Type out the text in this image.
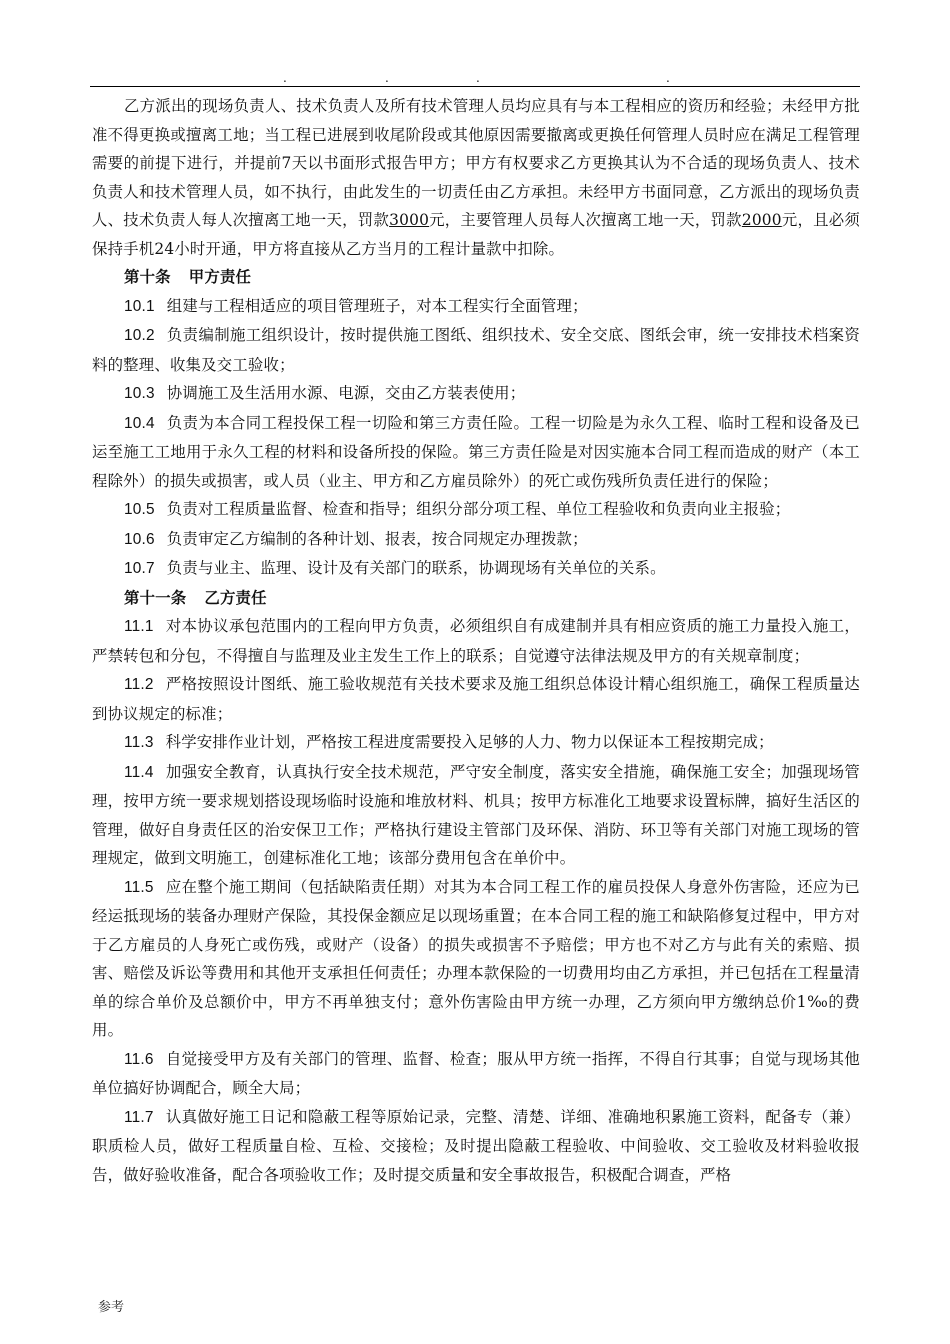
.	.	.	.

乙方派出的现场负责人、技术负责人及所有技术管理人员均应具有与本工程相应的资历和经验；未经甲方批准不得更换或擅离工地；当工程已进展到收尾阶段或其他原因需要撤离或更换任何管理人员时应在满足工程管理需要的前提下进行，并提前7天以书面形式报告甲方；甲方有权要求乙方更换其认为不合适的现场负责人、技术负责人和技术管理人员，如不执行，由此发生的一切责任由乙方承担。未经甲方书面同意，乙方派出的现场负责人、技术负责人每人次擅离工地一天，罚款3000元，主要管理人员每人次擅离工地一天，罚款2000元，且必须保持手机24小时开通，甲方将直接从乙方当月的工程计量款中扣除。

第十条 甲方责任

10.1 组建与工程相适应的项目管理班子，对本工程实行全面管理；

10.2 负责编制施工组织设计，按时提供施工图纸、组织技术、安全交底、图纸会审，统一安排技术档案资料的整理、收集及交工验收；

10.3 协调施工及生活用水源、电源，交由乙方装表使用；

10.4 负责为本合同工程投保工程一切险和第三方责任险。工程一切险是为永久工程、临时工程和设备及已运至施工工地用于永久工程的材料和设备所投的保险。第三方责任险是对因实施本合同工程而造成的财产（本工程除外）的损失或损害，或人员（业主、甲方和乙方雇员除外）的死亡或伤残所负责任进行的保险；

10.5 负责对工程质量监督、检查和指导；组织分部分项工程、单位工程验收和负责向业主报验；

10.6 负责审定乙方编制的各种计划、报表，按合同规定办理拨款；

10.7 负责与业主、监理、设计及有关部门的联系，协调现场有关单位的关系。

第十一条 乙方责任

11.1 对本协议承包范围内的工程向甲方负责，必须组织自有成建制并具有相应资质的施工力量投入施工，严禁转包和分包，不得擅自与监理及业主发生工作上的联系；自觉遵守法律法规及甲方的有关规章制度；

11.2 严格按照设计图纸、施工验收规范有关技术要求及施工组织总体设计精心组织施工，确保工程质量达到协议规定的标准；

11.3 科学安排作业计划，严格按工程进度需要投入足够的人力、物力以保证本工程按期完成；

11.4 加强安全教育，认真执行安全技术规范，严守安全制度，落实安全措施，确保施工安全；加强现场管理，按甲方统一要求规划搭设现场临时设施和堆放材料、机具；按甲方标准化工地要求设置标牌，搞好生活区的管理，做好自身责任区的治安保卫工作；严格执行建设主管部门及环保、消防、环卫等有关部门对施工现场的管理规定，做到文明施工，创建标准化工地；该部分费用包含在单价中。

11.5 应在整个施工期间（包括缺陷责任期）对其为本合同工程工作的雇员投保人身意外伤害险，还应为已经运抵现场的装备办理财产保险，其投保金额应足以现场重置；在本合同工程的施工和缺陷修复过程中，甲方对于乙方雇员的人身死亡或伤残，或财产（设备）的损失或损害不予赔偿；甲方也不对乙方与此有关的索赔、损害、赔偿及诉讼等费用和其他开支承担任何责任；办理本款保险的一切费用均由乙方承担，并已包括在工程量清单的综合单价及总额价中，甲方不再单独支付；意外伤害险由甲方统一办理，乙方须向甲方缴纳总价1‰的费用。

11.6 自觉接受甲方及有关部门的管理、监督、检查；服从甲方统一指挥，不得自行其事；自觉与现场其他单位搞好协调配合，顾全大局；

11.7 认真做好施工日记和隐蔽工程等原始记录，完整、清楚、详细、准确地积累施工资料，配备专（兼）职质检人员，做好工程质量自检、互检、交接检；及时提出隐蔽工程验收、中间验收、交工验收及材料验收报告，做好验收准备，配合各项验收工作；及时提交质量和安全事故报告，积极配合调查，严格

参考
